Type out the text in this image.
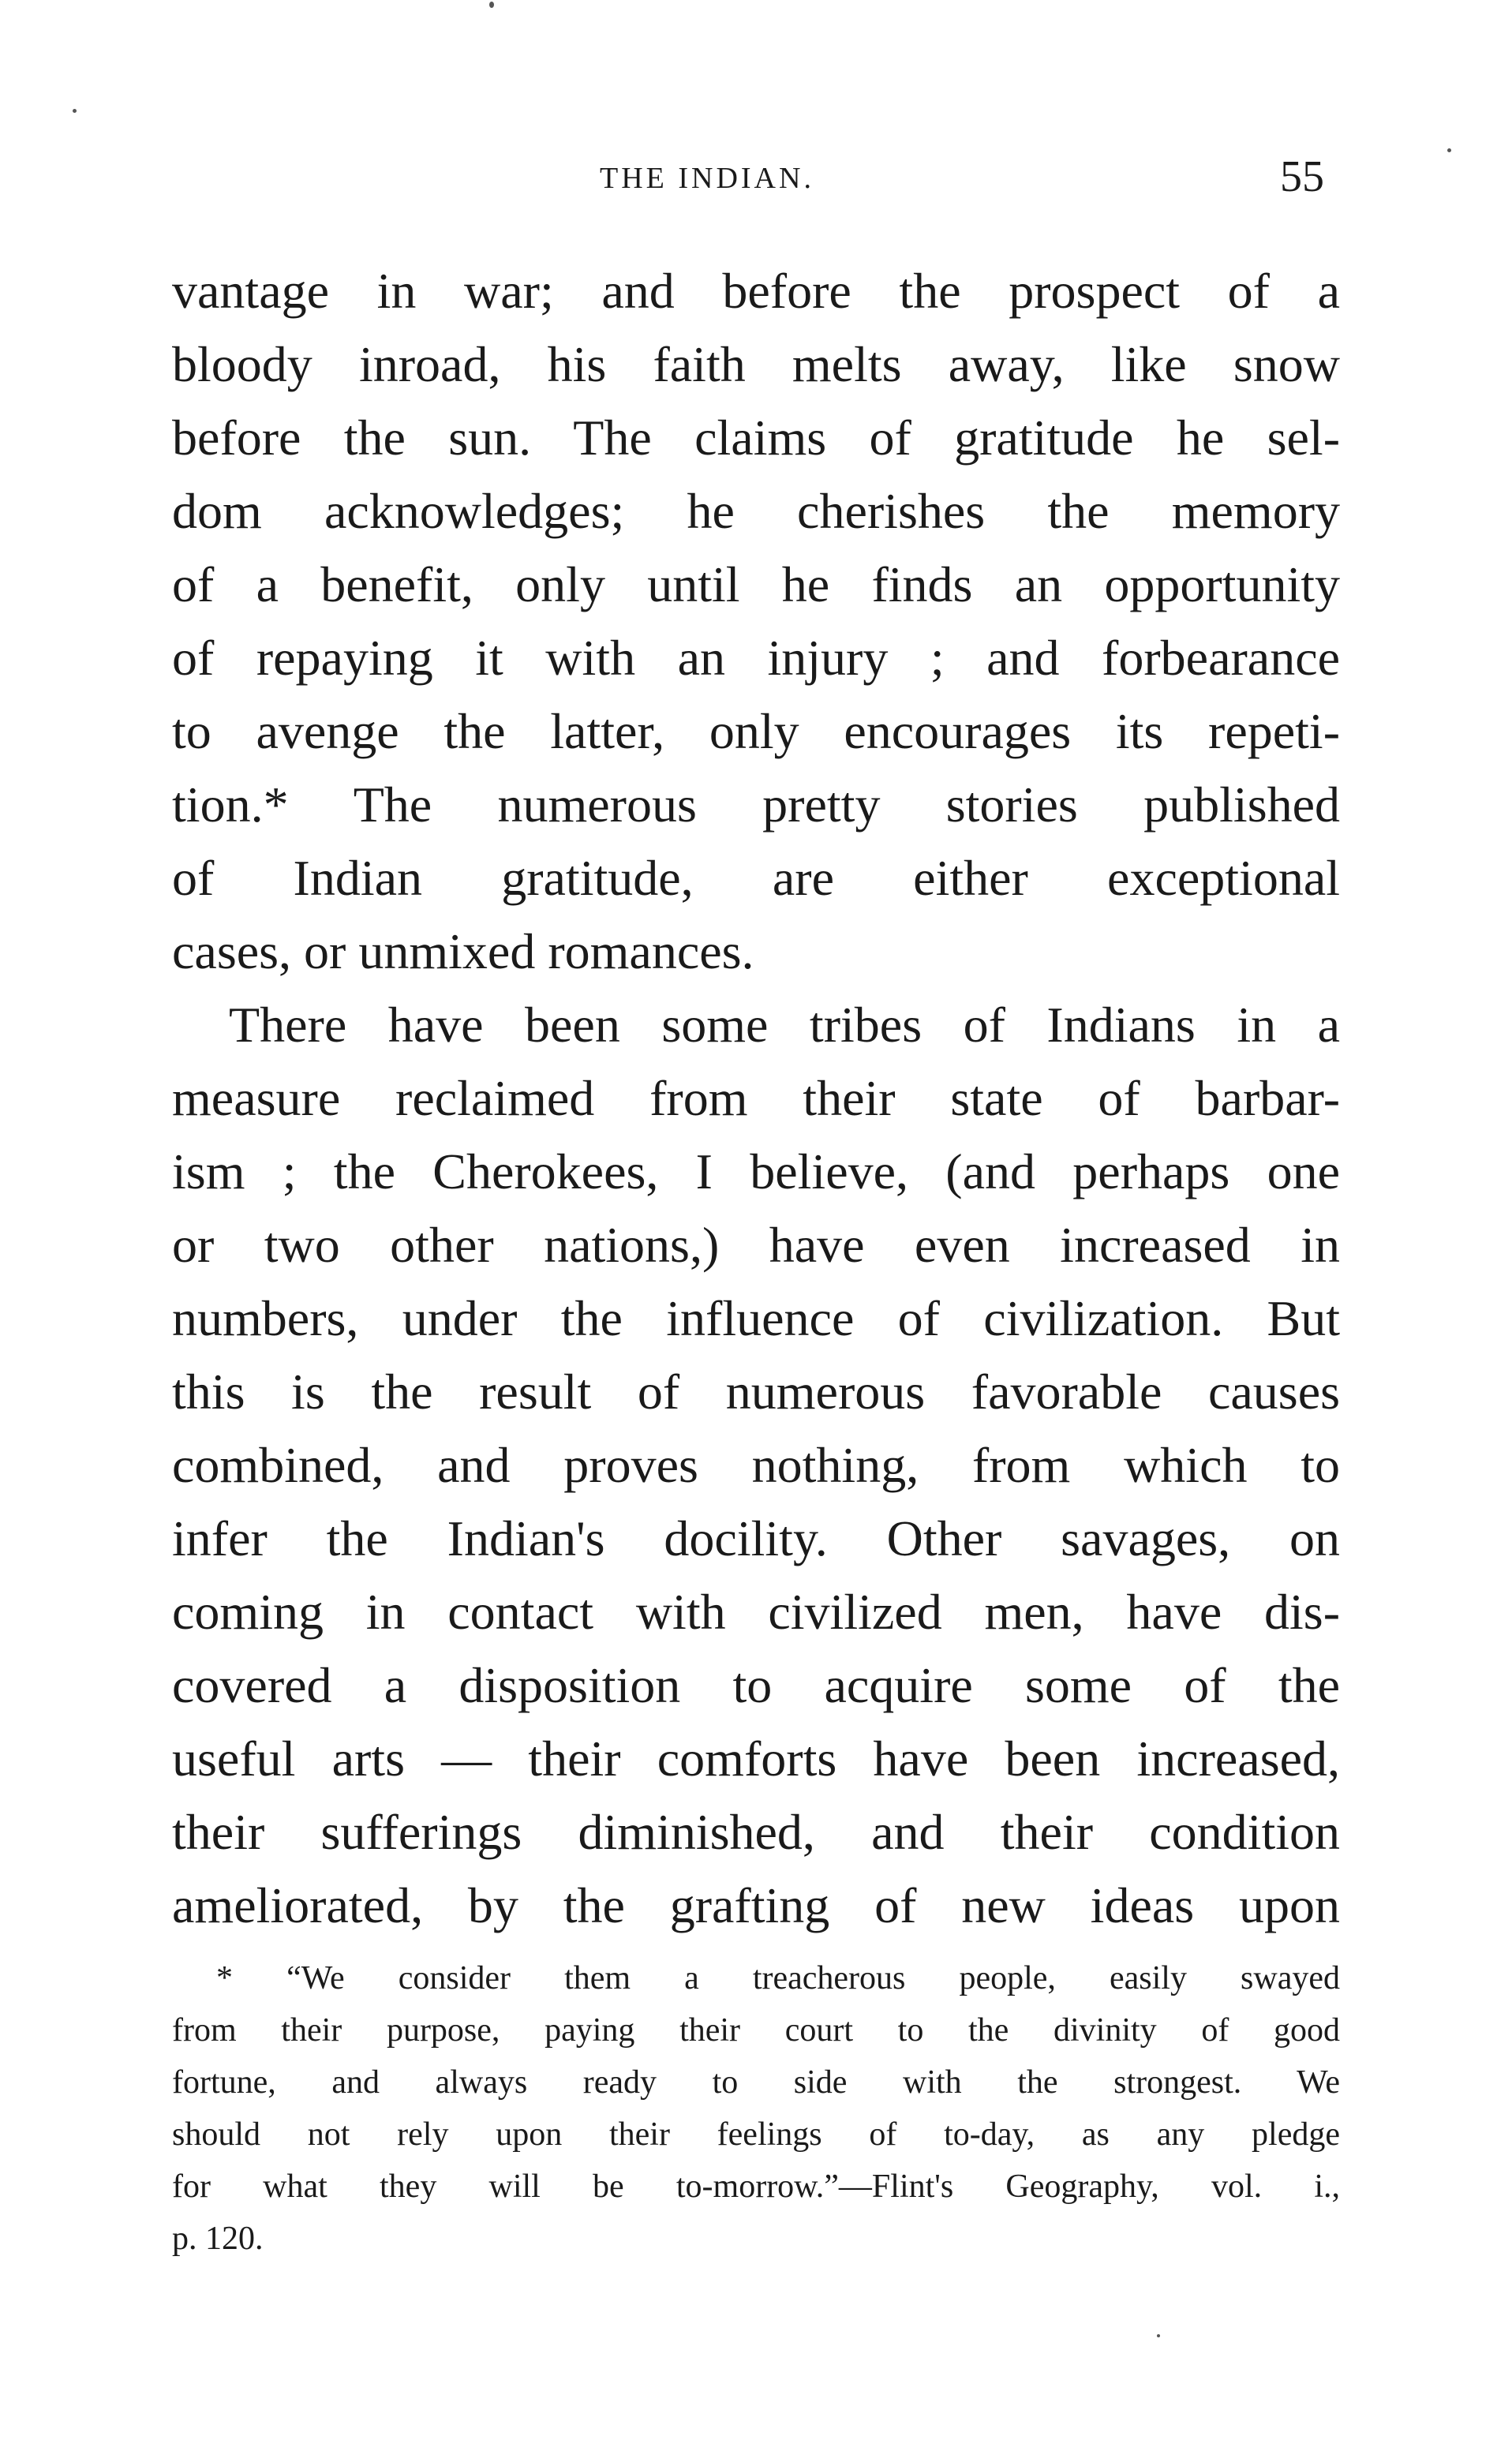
THE INDIAN.	55
vantage in war; and before the prospect of a
bloody inroad, his faith melts away, like snow
before the sun. The claims of gratitude he sel-
dom acknowledges; he cherishes the memory
of a benefit, only until he finds an opportunity
of repaying it with an injury ; and forbearance
to avenge the latter, only encourages its repeti-
tion.* The numerous pretty stories published
of Indian gratitude, are either exceptional
cases, or unmixed romances.
There have been some tribes of Indians in a
measure reclaimed from their state of barbar-
ism ; the Cherokees, I believe, (and perhaps one
or two other nations,) have even increased in
numbers, under the influence of civilization. But
this is the result of numerous favorable causes
combined, and proves nothing, from which to
infer the Indian's docility. Other savages, on
coming in contact with civilized men, have dis-
covered a disposition to acquire some of the
useful arts — their comforts have been increased,
their sufferings diminished, and their condition
ameliorated, by the grafting of new ideas upon
* “We consider them a treacherous people, easily swayed
from their purpose, paying their court to the divinity of good
fortune, and always ready to side with the strongest. We
should not rely upon their feelings of to-day, as any pledge
for what they will be to-morrow.”—Flint's Geography, vol. i.,
p. 120.
